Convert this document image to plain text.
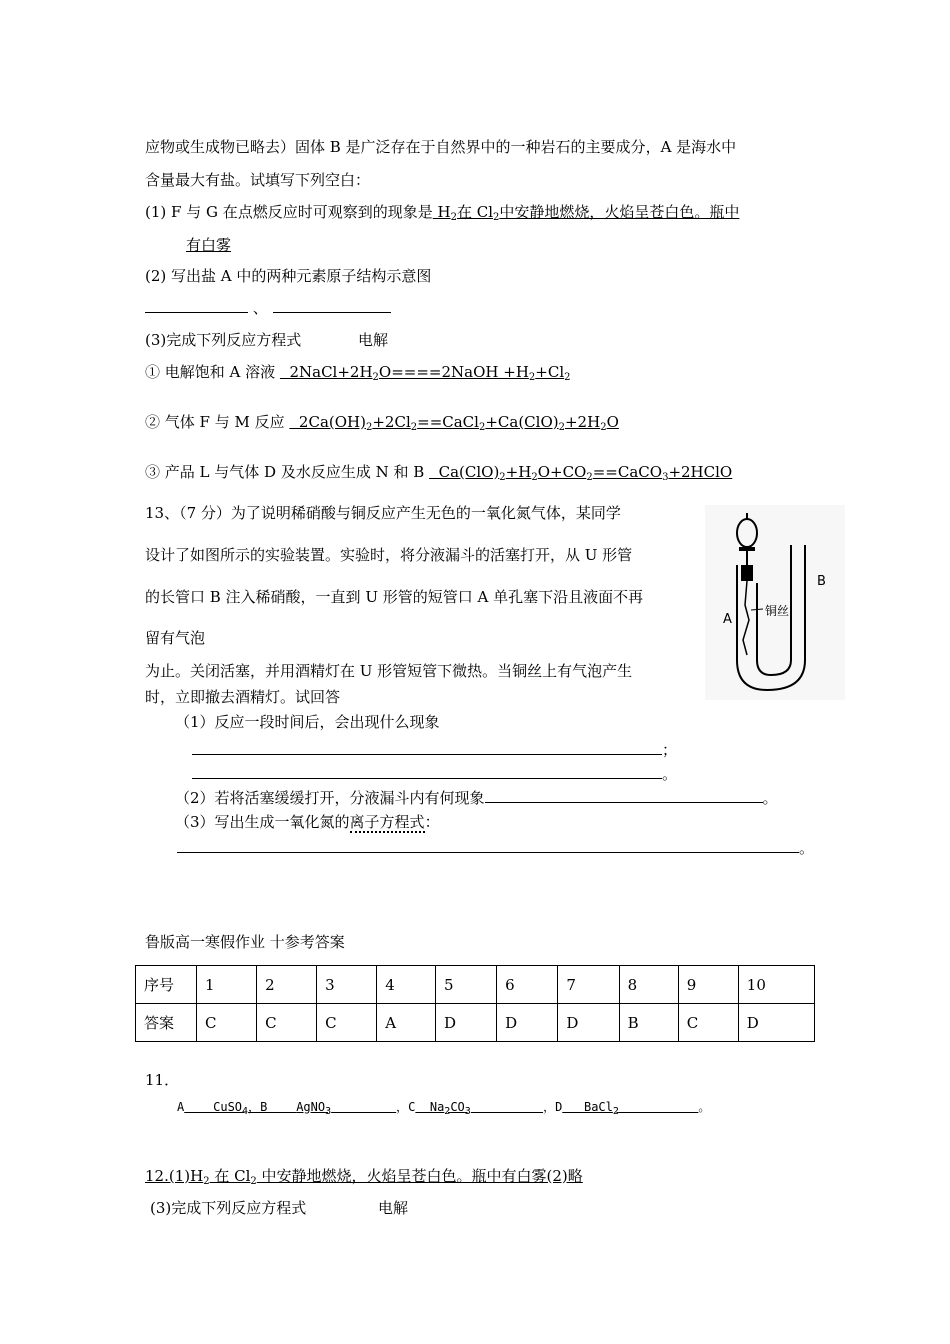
应物或生成物已略去）固体 B 是广泛存在于自然界中的一种岩石的主要成分，A 是海水中
含量最大有盐。试填写下列空白：
(1) F 与 G 在点燃反应时可观察到的现象是 $H_2$在 $Cl_2$中安静地燃烧，火焰呈苍白色。瓶中
有白雾
(2) 写出盐 A 中的两种元素原子结构示意图
、
(3)完成下列反应方程式	电解
① 电解饱和 A 溶液   $2NaCl+2H_2O====2NaOH +H_2+Cl_2$
② 气体 F 与 M 反应   $2Ca(OH)_2+2Cl_2==CaCl_2+Ca(ClO)_2+2H_2O$
③ 产品 L 与气体 D 及水反应生成 N 和 B   $Ca(ClO)_2+H_2O+CO_2==CaCO_3+2HClO$
13、（7 分）为了说明稀硝酸与铜反应产生无色的一氧化氮气体，某同学
设计了如图所示的实验装置。实验时，将分液漏斗的活塞打开，从 U 形管
的长管口 B 注入稀硝酸，一直到 U 形管的短管口 A 单孔塞下沿且液面不再
留有气泡
为止。关闭活塞，并用酒精灯在 U 形管短管下微热。当铜丝上有气泡产生
时，立即撤去酒精灯。试回答
铜丝
A
B
（1）反应一段时间后，会出现什么现象
；
。
（2）若将活塞缓缓打开，分液漏斗内有何现象	。
（3）写出生成一氧化氮的离子方程式：
。
鲁版高一寒假作业 十参考答案
序号	1	2	3	4	5	6	7	8	9	10
答案	C	C	C	A	D	D	D	B	C	D
11．
A    CuSO$_4$，B    AgNO$_3$	，C  $Na_2CO_3$	，D   BaCl$_2$	。
$12.(1)H_2$ 在 $Cl_2$ 中安静地燃烧，火焰呈苍白色。瓶中有白雾(2)略
(3)完成下列反应方程式	电解
